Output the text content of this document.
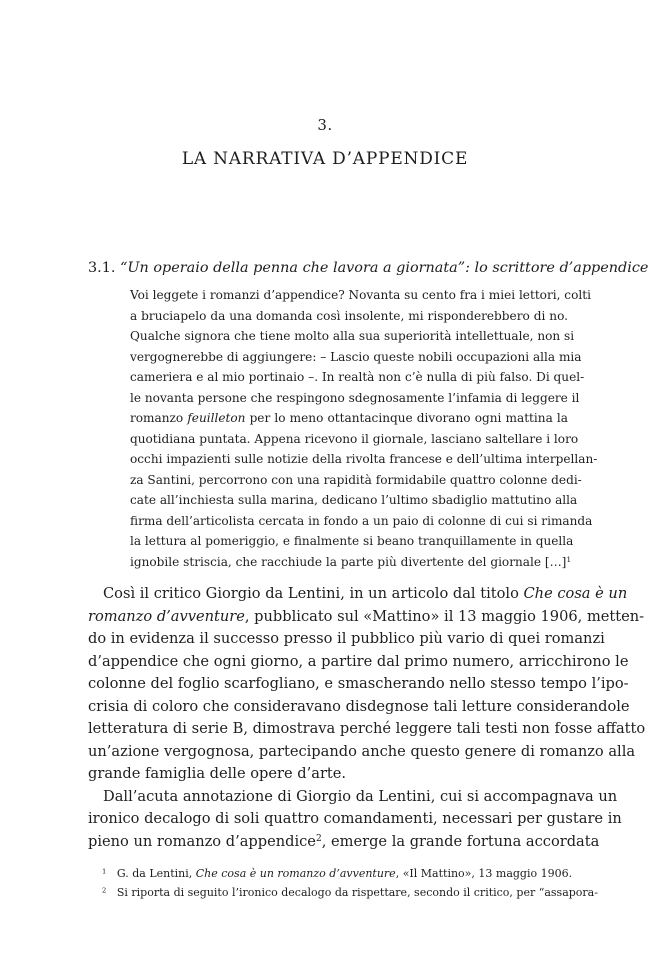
3.
LA NARRATIVA D’APPENDICE
3.1. “Un operaio della penna che lavora a giornata”: lo scrittore d’appendice
Voi leggete i romanzi d’appendice? Novanta su cento fra i miei lettori, colti
a bruciapelo da una domanda così insolente, mi risponderebbero di no.
Qualche signora che tiene molto alla sua superiorità intellettuale, non si
vergognerebbe di aggiungere: – Lascio queste nobili occupazioni alla mia
cameriera e al mio portinaio –. In realtà non c’è nulla di più falso. Di quel-
le novanta persone che respingono sdegnosamente l’infamia di leggere il
romanzo feuilleton per lo meno ottantacinque divorano ogni mattina la
quotidiana puntata. Appena ricevono il giornale, lasciano saltellare i loro
occhi impazienti sulle notizie della rivolta francese e dell’ultima interpellan-
za Santini, percorrono con una rapidità formidabile quattro colonne dedi-
cate all’inchiesta sulla marina, dedicano l’ultimo sbadiglio mattutino alla
firma dell’articolista cercata in fondo a un paio di colonne di cui si rimanda
la lettura al pomeriggio, e finalmente si beano tranquillamente in quella
ignobile striscia, che racchiude la parte più divertente del giornale […]$^1$
Così il critico Giorgio da Lentini, in un articolo dal titolo Che cosa è un
romanzo d’avventure, pubblicato sul «Mattino» il 13 maggio 1906, metten-
do in evidenza il successo presso il pubblico più vario di quei romanzi
d’appendice che ogni giorno, a partire dal primo numero, arricchirono le
colonne del foglio scarfogliano, e smascherando nello stesso tempo l’ipo-
crisia di coloro che consideravano disdegnose tali letture considerandole
letteratura di serie B, dimostrava perché leggere tali testi non fosse affatto
un’azione vergognosa, partecipando anche questo genere di romanzo alla
grande famiglia delle opere d’arte.
Dall’acuta annotazione di Giorgio da Lentini, cui si accompagnava un
ironico decalogo di soli quattro comandamenti, necessari per gustare in
pieno un romanzo d’appendice$^2$, emerge la grande fortuna accordata
$^1$ G. da Lentini, Che cosa è un romanzo d’avventure, «Il Mattino», 13 maggio 1906.
$^2$ Si riporta di seguito l’ironico decalogo da rispettare, secondo il critico, per “assapora-
